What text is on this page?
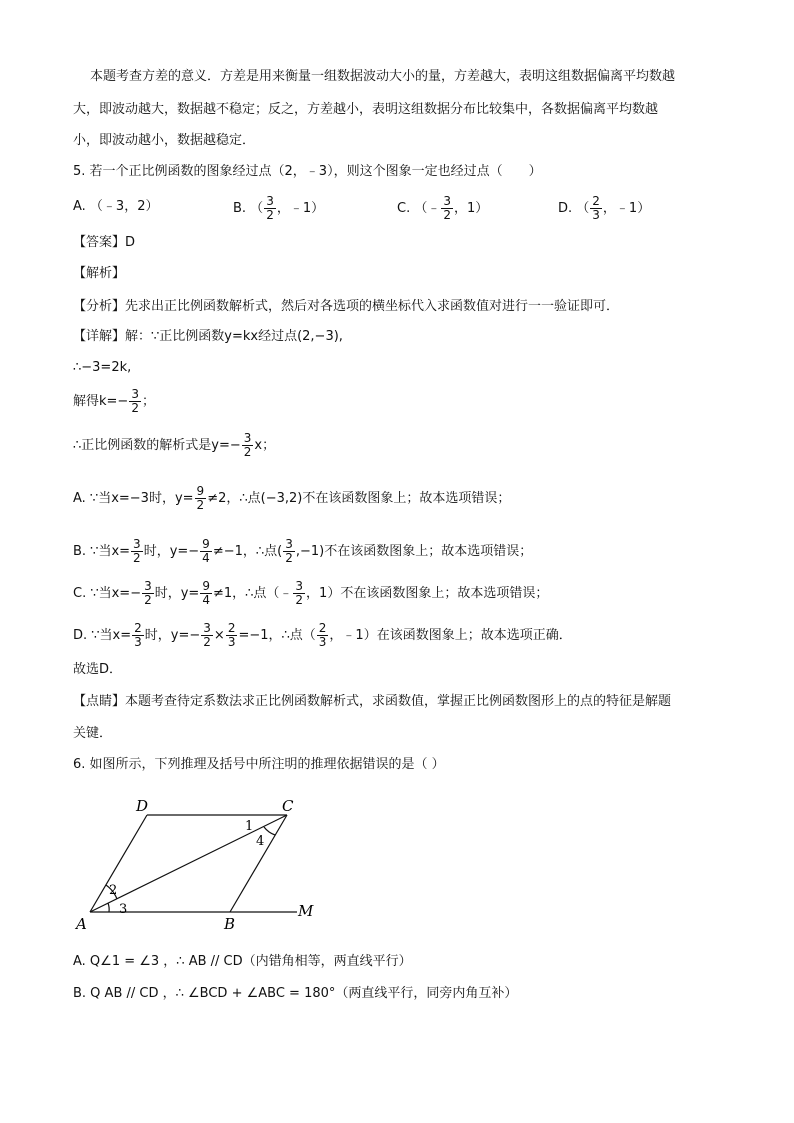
本题考查方差的意义．方差是用来衡量一组数据波动大小的量，方差越大，表明这组数据偏离平均数越
大，即波动越大，数据越不稳定；反之，方差越小，表明这组数据分布比较集中，各数据偏离平均数越
小，即波动越小，数据越稳定．
5. 若一个正比例函数的图象经过点（2，﹣3），则这个图象一定也经过点（　　）
A. （﹣3，2）	B. （ $\frac{3}{2}$ ，﹣1）	C. （﹣ $\frac{3}{2}$ ，1）	D. （ $\frac{2}{3}$ ，﹣1）
【答案】D
【解析】
【分析】先求出正比例函数解析式，然后对各选项的横坐标代入求函数值对进行一一验证即可．
【详解】解：∵正比例函数y=kx经过点(2,−3),
∴−3=2k,
解得$k=- \frac{3}{2}$ ；
∴正比例函数的解析式是$y=- \frac{3}{2}$ x；
A. ∵当x=−3时，$y= \frac{9}{2} \ne 2$，∴点(−3,2)不在该函数图象上；故本选项错误；
B. ∵当$x= \frac{3}{2}$ 时，$y=- \frac{9}{4} \ne-1$，∴点( $\frac{3}{2} ,-1$)不在该函数图象上；故本选项错误；
C. ∵当$x=- \frac{3}{2}$ 时，$y= \frac{9}{4} \ne 1$，∴点（﹣ $\frac{3}{2}$ ，1）不在该函数图象上；故本选项错误；
D. ∵当$x= \frac{2}{3}$ 时，$y=- \frac{3}{2} \times \frac{2}{3} =-1$，∴点（ $\frac{2}{3}$ ，﹣1）在该函数图象上；故本选项正确．
故选D．
【点睛】本题考查待定系数法求正比例函数解析式，求函数值，掌握正比例函数图形上的点的特征是解题
关键．
6. 如图所示，下列推理及括号中所注明的推理依据错误的是（ ）
D	C
A	B
M
1
2
3
4
A. Q∠1 = ∠3 ，∴ AB // CD（内错角相等，两直线平行）
B. Q AB // CD ，∴ ∠BCD + ∠ABC = 180°（两直线平行，同旁内角互补）
